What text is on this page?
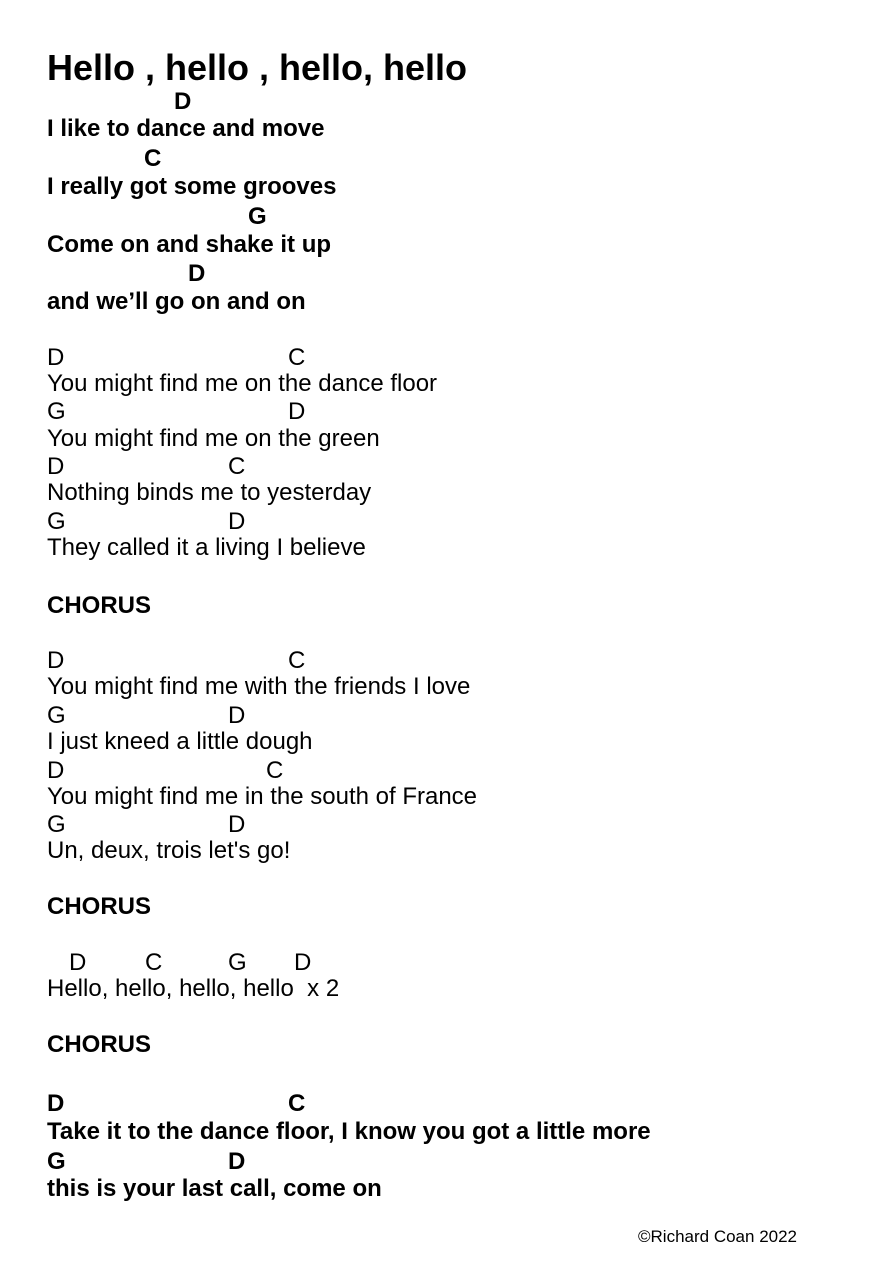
Hello , hello , hello, hello
D
I like to dance and move
C
I really got some grooves
G
Come on and shake it up
D
and we’ll go on and on
D	C
You might find me on the dance floor
G	D
You might find me on the green
D	C
Nothing binds me to yesterday
G	D
They called it a living I believe
CHORUS
D	C
You might find me with the friends I love
G	D
I just kneed a little dough
D	C
You might find me in the south of France
G	D
Un, deux, trois let's go!
CHORUS
D C	G D
Hello, hello, hello, hello  x 2
CHORUS
D	C
Take it to the dance floor, I know you got a little more
G	D
this is your last call, come on
©Richard Coan 2022
